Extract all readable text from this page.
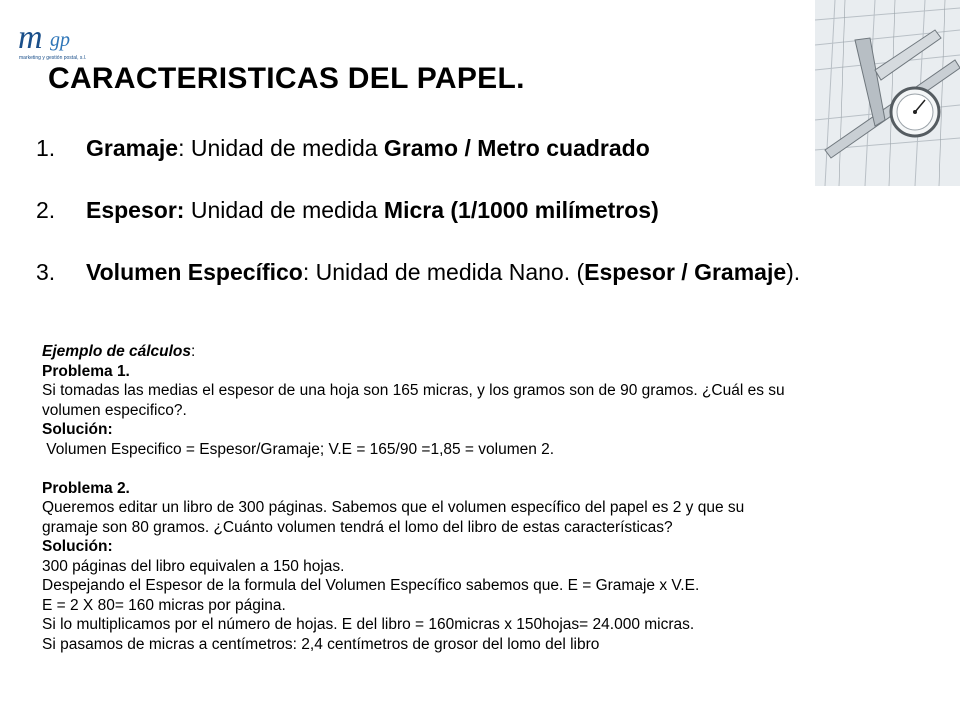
m gp
marketing y gestión postal, s.l.
CARACTERISTICAS DEL PAPEL.
1. Gramaje: Unidad de medida Gramo / Metro cuadrado
2. Espesor: Unidad de medida Micra (1/1000 milímetros)
3. Volumen Específico: Unidad de medida Nano. (Espesor / Gramaje).
Ejemplo de cálculos:
Problema 1.
Si tomadas las medias el espesor de una hoja son 165 micras, y los gramos son de 90 gramos. ¿Cuál es su
volumen especifico?.
Solución:
Volumen Especifico = Espesor/Gramaje; V.E = 165/90 =1,85 = volumen 2.
Problema 2.
Queremos editar un libro de 300 páginas. Sabemos que el volumen específico del papel es 2 y que su
gramaje son 80 gramos. ¿Cuánto volumen tendrá el lomo del libro de estas características?
Solución:
300 páginas del libro equivalen a 150 hojas.
Despejando el Espesor de la formula del Volumen Específico sabemos que. E = Gramaje x V.E.
E = 2 X 80= 160 micras por página.
Si lo multiplicamos por el número de hojas. E del libro = 160micras x 150hojas= 24.000 micras.
Si pasamos de micras a centímetros: 2,4 centímetros de grosor del lomo del libro
